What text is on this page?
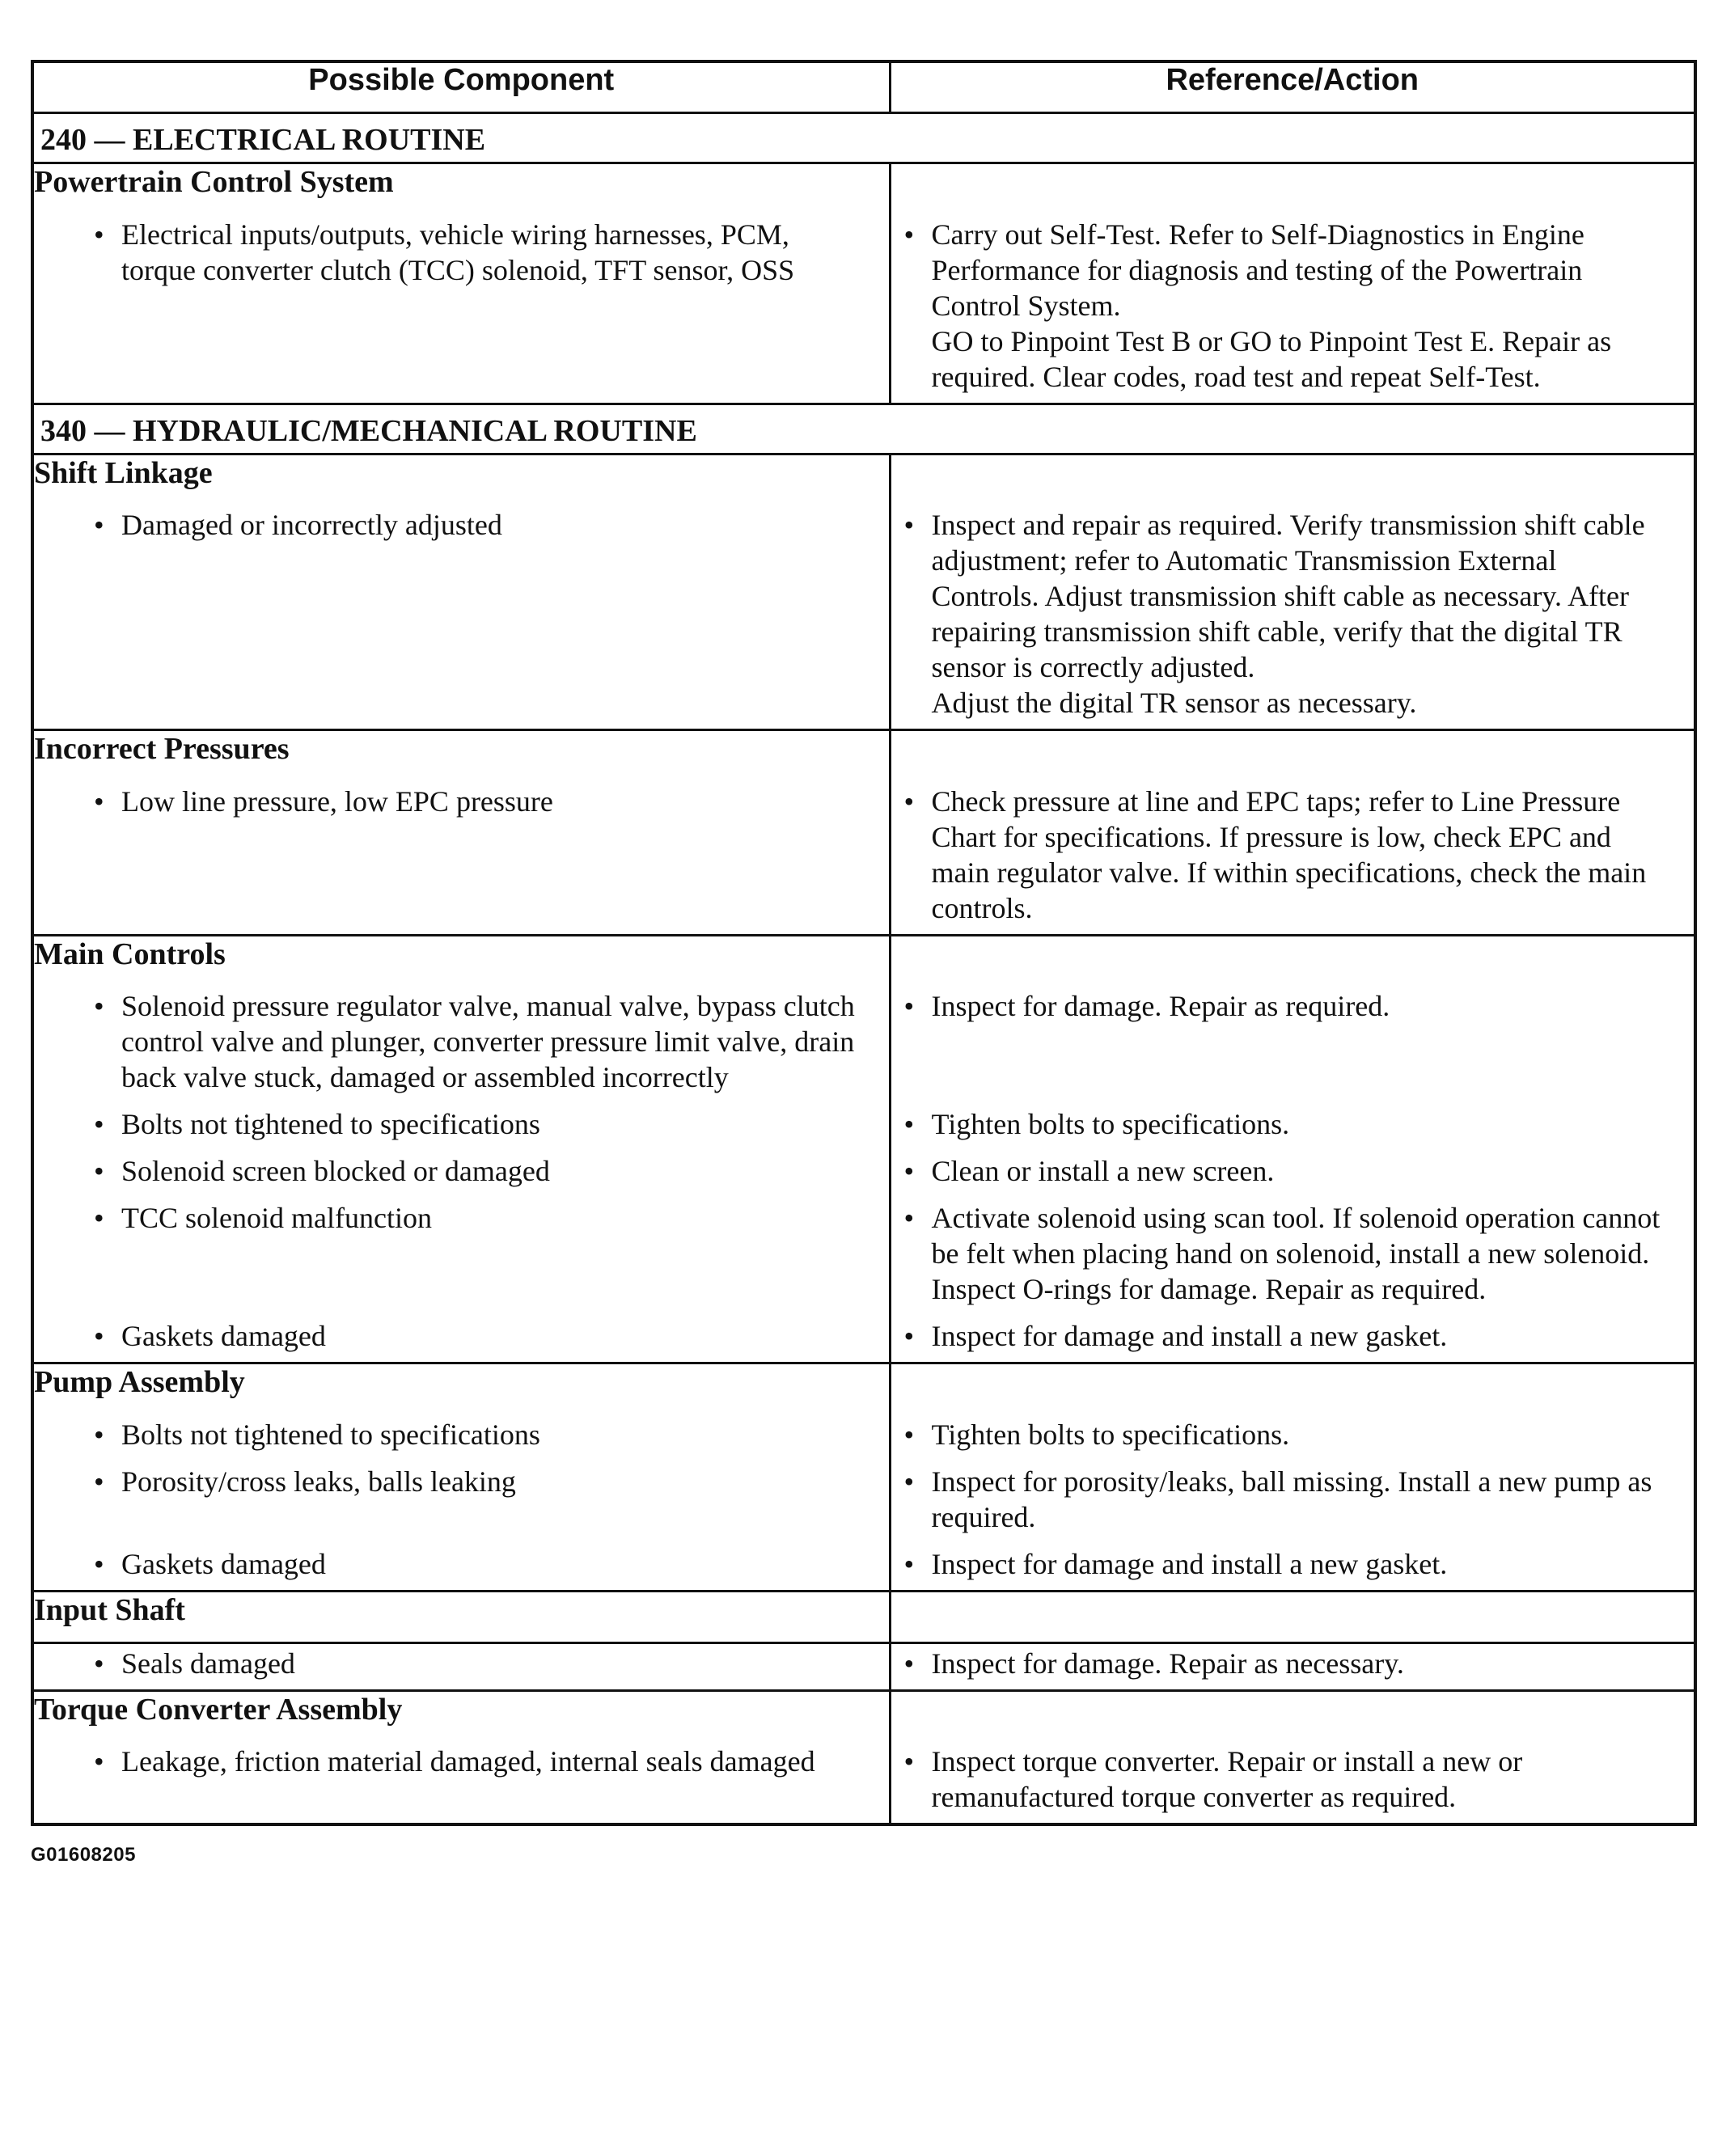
Possible Component	Reference/Action
240 — ELECTRICAL ROUTINE	
Powertrain Control System	

• Electrical inputs/outputs, vehicle wiring harnesses, PCM, torque converter clutch (TCC) solenoid, TFT sensor, OSS	• Carry out Self-Test. Refer to Self-Diagnostics in Engine Performance for diagnosis and testing of the Powertrain Control System.
GO to Pinpoint Test B or GO to Pinpoint Test E. Repair as required. Clear codes, road test and repeat Self-Test.

340 — HYDRAULIC/MECHANICAL ROUTINE	
Shift Linkage	

• Damaged or incorrectly adjusted	• Inspect and repair as required. Verify transmission shift cable adjustment; refer to Automatic Transmission External Controls. Adjust transmission shift cable as necessary. After repairing transmission shift cable, verify that the digital TR sensor is correctly adjusted.
Adjust the digital TR sensor as necessary.

Incorrect Pressures	

• Low line pressure, low EPC pressure	• Check pressure at line and EPC taps; refer to Line Pressure Chart for specifications. If pressure is low, check EPC and main regulator valve. If within specifications, check the main controls.

Main Controls	

• Solenoid pressure regulator valve, manual valve, bypass clutch control valve and plunger, converter pressure limit valve, drain back valve stuck, damaged or assembled incorrectly	• Inspect for damage. Repair as required.

• Bolts not tightened to specifications	• Tighten bolts to specifications.

• Solenoid screen blocked or damaged	• Clean or install a new screen.

• TCC solenoid malfunction	• Activate solenoid using scan tool. If solenoid operation cannot be felt when placing hand on solenoid, install a new solenoid. Inspect O-rings for damage. Repair as required.

• Gaskets damaged	• Inspect for damage and install a new gasket.

Pump Assembly	

• Bolts not tightened to specifications	• Tighten bolts to specifications.

• Porosity/cross leaks, balls leaking	• Inspect for porosity/leaks, ball missing. Install a new pump as required.

• Gaskets damaged	• Inspect for damage and install a new gasket.

Input Shaft	

• Seals damaged	• Inspect for damage. Repair as necessary.

Torque Converter Assembly	

• Leakage, friction material damaged, internal seals damaged	• Inspect torque converter. Repair or install a new or remanufactured torque converter as required.
G01608205
